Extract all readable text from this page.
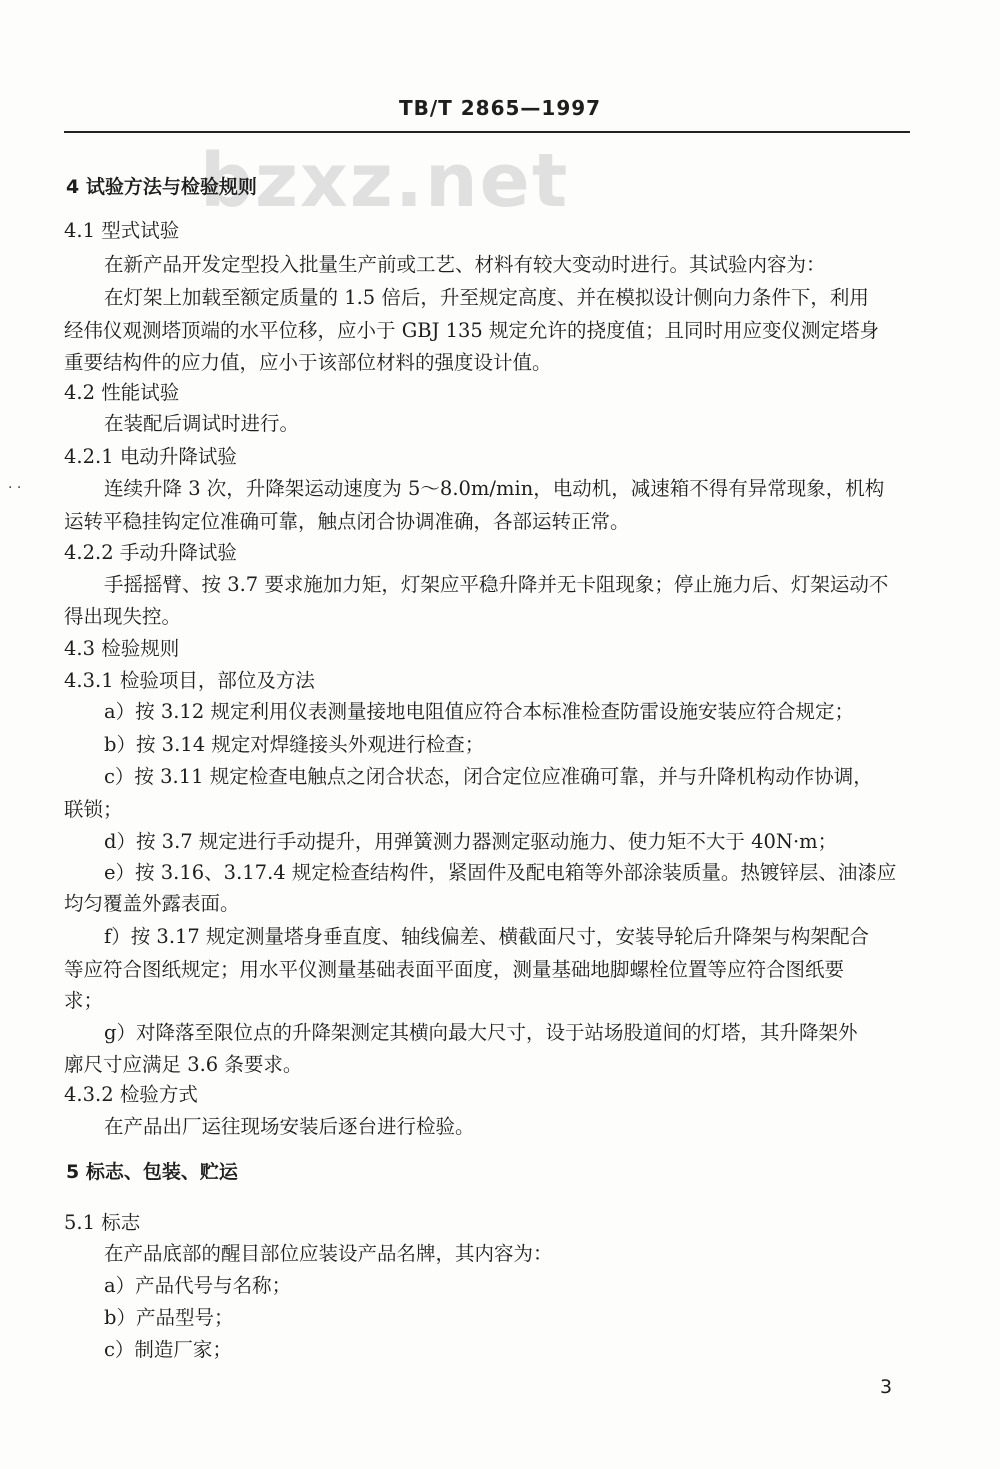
TB/T 2865—1997
bzxz.net
· ·
4 试验方法与检验规则
4.1 型式试验
在新产品开发定型投入批量生产前或工艺、材料有较大变动时进行。其试验内容为：
在灯架上加载至额定质量的 1.5 倍后，升至规定高度、并在模拟设计侧向力条件下，利用
经伟仪观测塔顶端的水平位移，应小于 GBJ 135 规定允许的挠度值；且同时用应变仪测定塔身
重要结构件的应力值，应小于该部位材料的强度设计值。
4.2 性能试验
在装配后调试时进行。
4.2.1 电动升降试验
连续升降 3 次，升降架运动速度为 5～8.0m/min，电动机，减速箱不得有异常现象，机构
运转平稳挂钩定位准确可靠，触点闭合协调准确，各部运转正常。
4.2.2 手动升降试验
手摇摇臂、按 3.7 要求施加力矩，灯架应平稳升降并无卡阻现象；停止施力后、灯架运动不
得出现失控。
4.3 检验规则
4.3.1 检验项目，部位及方法
a）按 3.12 规定利用仪表测量接地电阻值应符合本标准检查防雷设施安装应符合规定；
b）按 3.14 规定对焊缝接头外观进行检查；
c）按 3.11 规定检查电触点之闭合状态，闭合定位应准确可靠，并与升降机构动作协调，
联锁；
d）按 3.7 规定进行手动提升，用弹簧测力器测定驱动施力、使力矩不大于 40N·m；
e）按 3.16、3.17.4 规定检查结构件，紧固件及配电箱等外部涂装质量。热镀锌层、油漆应
均匀覆盖外露表面。
f）按 3.17 规定测量塔身垂直度、轴线偏差、横截面尺寸，安装导轮后升降架与构架配合
等应符合图纸规定；用水平仪测量基础表面平面度，测量基础地脚螺栓位置等应符合图纸要
求；
g）对降落至限位点的升降架测定其横向最大尺寸，设于站场股道间的灯塔，其升降架外
廓尺寸应满足 3.6 条要求。
4.3.2 检验方式
在产品出厂运往现场安装后逐台进行检验。
5 标志、包装、贮运
5.1 标志
在产品底部的醒目部位应装设产品名牌，其内容为：
a）产品代号与名称；
b）产品型号；
c）制造厂家；
3
